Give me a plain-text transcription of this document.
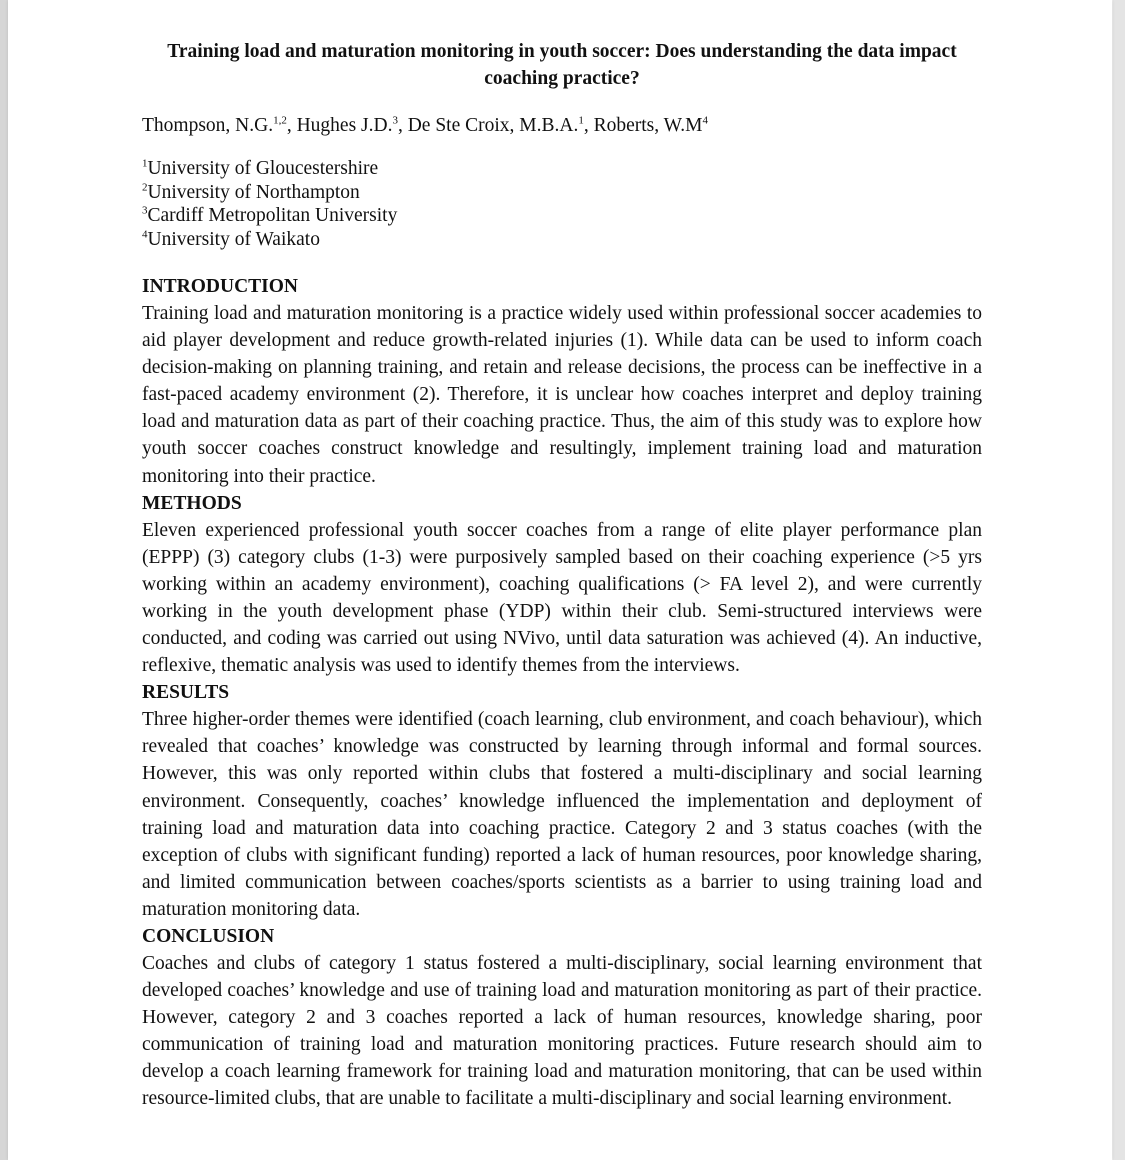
Training load and maturation monitoring in youth soccer: Does understanding the data impact coaching practice?
Thompson, N.G.$^{1,2}$, Hughes J.D.$^3$, De Ste Croix, M.B.A.$^1$, Roberts, $W.M^4$
$^1$University of Gloucestershire
$^2$University of Northampton
$^3$Cardiff Metropolitan University
$^4$University of Waikato
INTRODUCTION

Training load and maturation monitoring is a practice widely used within professional soccer academies to aid player development and reduce growth-related injuries (1). While data can be used to inform coach decision-making on planning training, and retain and release decisions, the process can be ineffective in a fast-paced academy environment (2). Therefore, it is unclear how coaches interpret and deploy training load and maturation data as part of their coaching practice. Thus, the aim of this study was to explore how youth soccer coaches construct knowledge and resultingly, implement training load and maturation monitoring into their practice.

METHODS

Eleven experienced professional youth soccer coaches from a range of elite player performance plan (EPPP) (3) category clubs (1-3) were purposively sampled based on their coaching experience (>5 yrs working within an academy environment), coaching qualifications (> FA level 2), and were currently working in the youth development phase (YDP) within their club. Semi-structured interviews were conducted, and coding was carried out using NVivo, until data saturation was achieved (4). An inductive, reflexive, thematic analysis was used to identify themes from the interviews.

RESULTS

Three higher-order themes were identified (coach learning, club environment, and coach behaviour), which revealed that coaches’ knowledge was constructed by learning through informal and formal sources. However, this was only reported within clubs that fostered a multi-disciplinary and social learning environment. Consequently, coaches’ knowledge influenced the implementation and deployment of training load and maturation data into coaching practice. Category 2 and 3 status coaches (with the exception of clubs with significant funding) reported a lack of human resources, poor knowledge sharing, and limited communication between coaches/sports scientists as a barrier to using training load and maturation monitoring data.

CONCLUSION

Coaches and clubs of category 1 status fostered a multi-disciplinary, social learning environment that developed coaches’ knowledge and use of training load and maturation monitoring as part of their practice. However, category 2 and 3 coaches reported a lack of human resources, knowledge sharing, poor communication of training load and maturation monitoring practices. Future research should aim to develop a coach learning framework for training load and maturation monitoring, that can be used within resource-limited clubs, that are unable to facilitate a multi-disciplinary and social learning environment.
